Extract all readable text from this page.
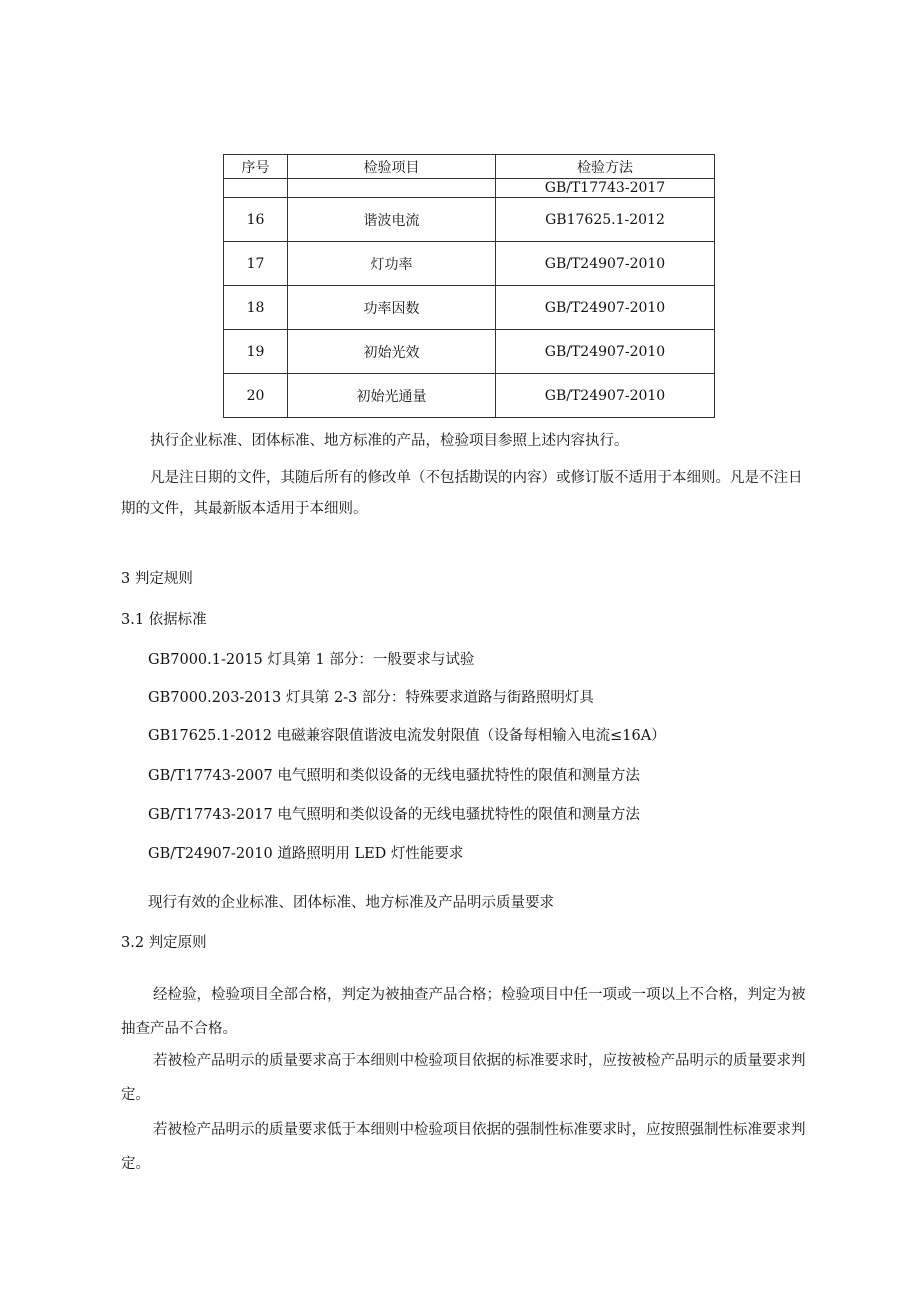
序号	检验项目	检验方法
		GB/T17743-2017
16	谐波电流	GB17625.1-2012
17	灯功率	GB/T24907-2010
18	功率因数	GB/T24907-2010
19	初始光效	GB/T24907-2010
20	初始光通量	GB/T24907-2010

执行企业标准、团体标准、地方标准的产品，检验项目参照上述内容执行。

凡是注日期的文件，其随后所有的修改单（不包括勘误的内容）或修订版不适用于本细则。凡是不注日期的文件，其最新版本适用于本细则。

3 判定规则

3.1 依据标准

GB7000.1-2015 灯具第 1 部分：一般要求与试验

GB7000.203-2013 灯具第 2-3 部分：特殊要求道路与街路照明灯具

GB17625.1-2012 电磁兼容限值谐波电流发射限值（设备每相输入电流≤16A）

GB/T17743-2007 电气照明和类似设备的无线电骚扰特性的限值和测量方法

GB/T17743-2017 电气照明和类似设备的无线电骚扰特性的限值和测量方法

GB/T24907-2010 道路照明用 LED 灯性能要求

现行有效的企业标准、团体标准、地方标准及产品明示质量要求

3.2 判定原则

经检验，检验项目全部合格，判定为被抽查产品合格；检验项目中任一项或一项以上不合格，判定为被抽查产品不合格。

若被检产品明示的质量要求高于本细则中检验项目依据的标准要求时，应按被检产品明示的质量要求判定。

若被检产品明示的质量要求低于本细则中检验项目依据的强制性标准要求时，应按照强制性标准要求判定。
